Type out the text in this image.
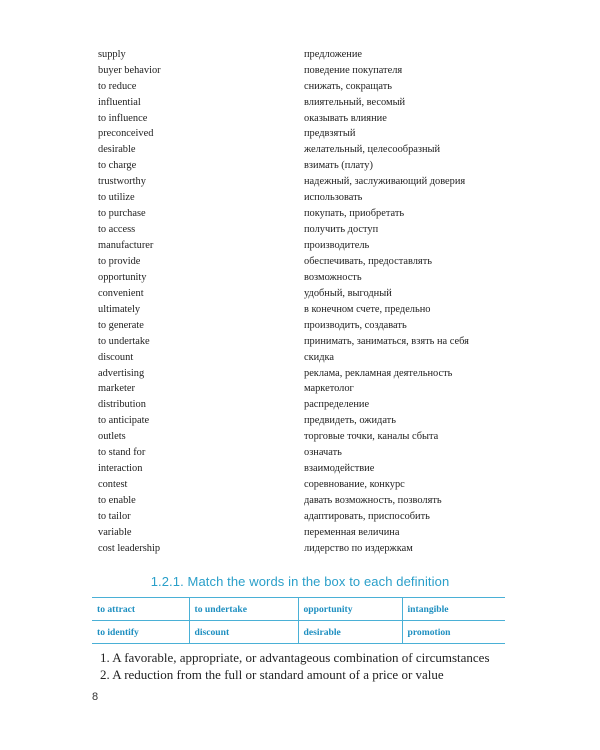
supply	предложение
buyer behavior	поведение покупателя
to reduce	снижать, сокращать
influential	влиятельный, весомый
to influence	оказывать влияние
preconceived	предвзятый
desirable	желательный, целесообразный
to charge	взимать (плату)
trustworthy	надежный, заслуживающий доверия
to utilize	использовать
to purchase	покупать, приобретать
to access	получить доступ
manufacturer	производитель
to provide	обеспечивать, предоставлять
opportunity	возможность
convenient	удобный, выгодный
ultimately	в конечном счете, предельно
to generate	производить, создавать
to undertake	принимать, заниматься, взять на себя
discount	скидка
advertising	реклама, рекламная деятельность
marketer	маркетолог
distribution	распределение
to anticipate	предвидеть, ожидать
outlets	торговые точки, каналы сбыта
to stand for	означать
interaction	взаимодействие
contest	соревнование, конкурс
to enable	давать возможность, позволять
to tailor	адаптировать, приспособить
variable	переменная величина
cost leadership	лидерство по издержкам
1.2.1. Match the words in the box to each definition
to attract	to undertake	opportunity	intangible
to identify	discount	desirable	promotion
1. A favorable, appropriate, or advantageous combination of circumstances
2. A reduction from the full or standard amount of a price or value
8
